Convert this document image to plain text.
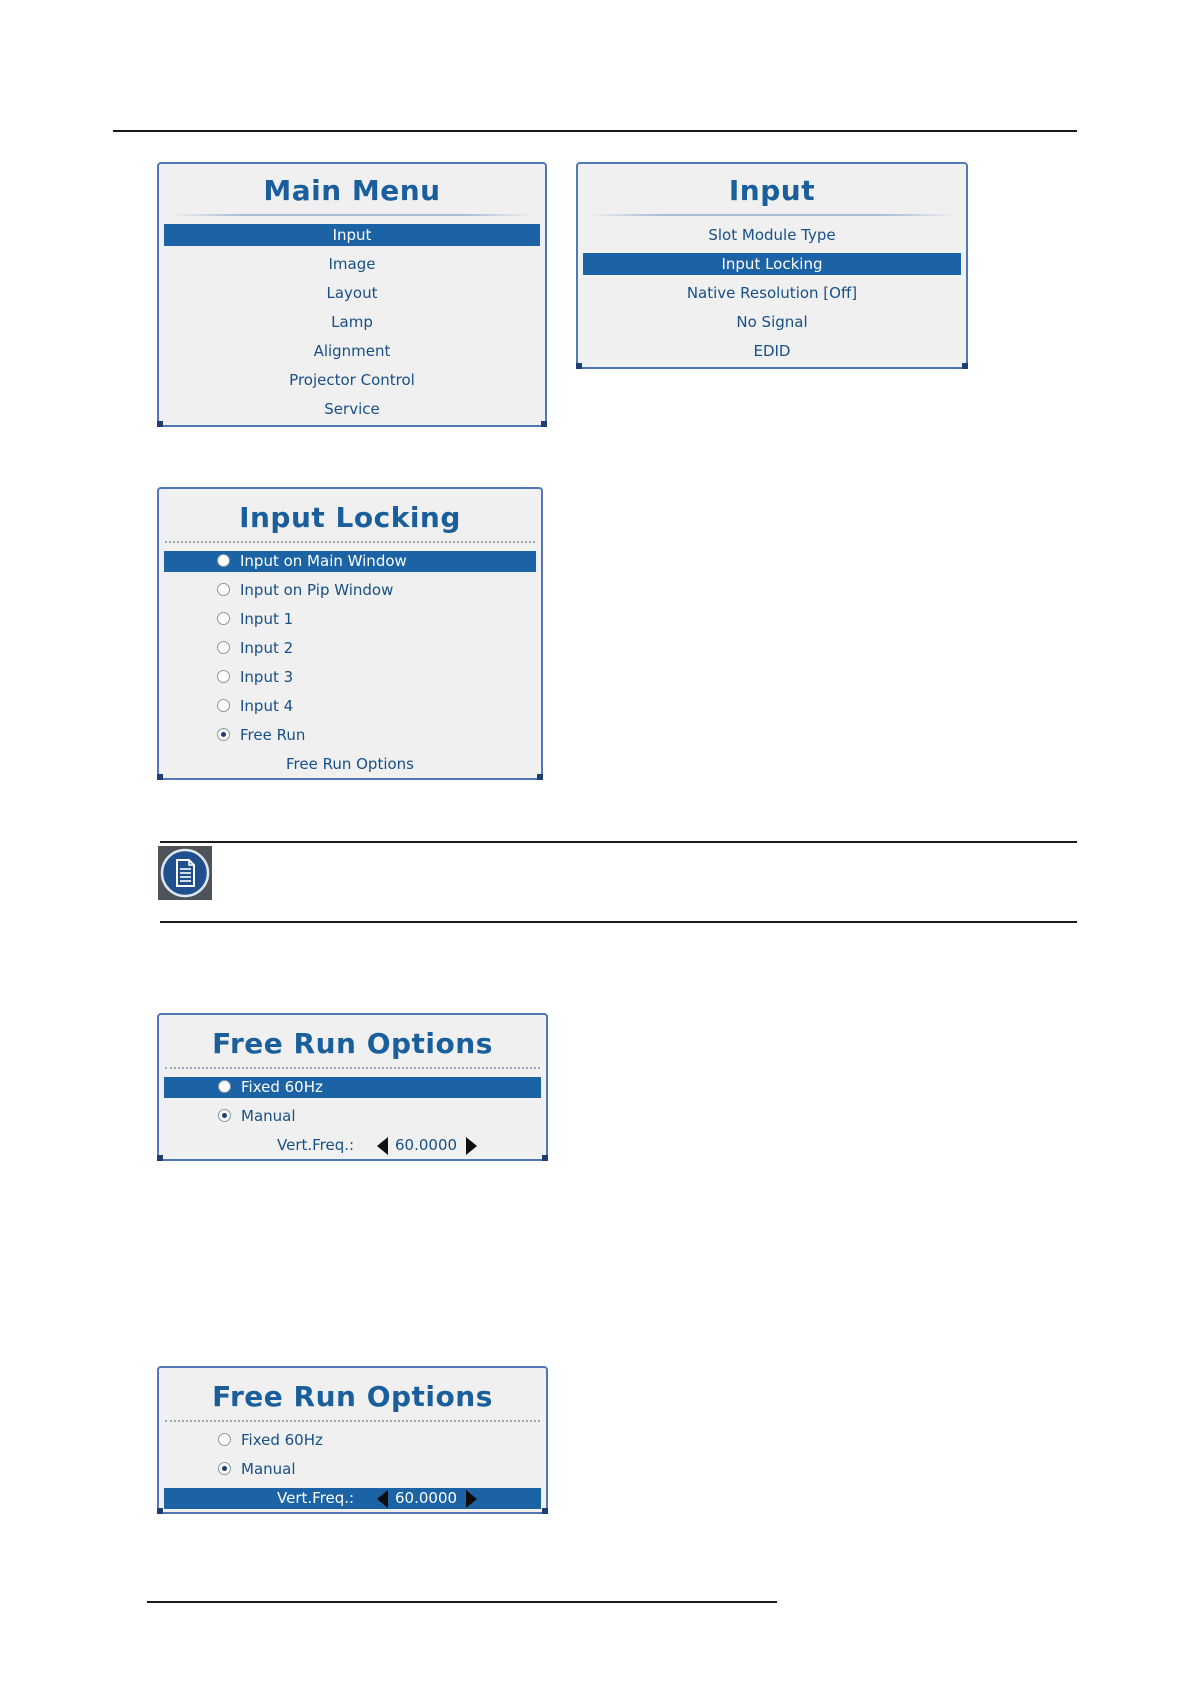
Main Menu
Input
Image
Layout
Lamp
Alignment
Projector Control
Service
Input
Slot Module Type
Input Locking
Native Resolution [Off]
No Signal
EDID
Input Locking
Input on Main Window
Input on Pip Window
Input 1
Input 2
Input 3
Input 4
Free Run
Free Run Options
Free Run Options
Fixed 60Hz
Manual
Vert.Freq.:	60.0000
Free Run Options
Fixed 60Hz
Manual
Vert.Freq.:	60.0000
